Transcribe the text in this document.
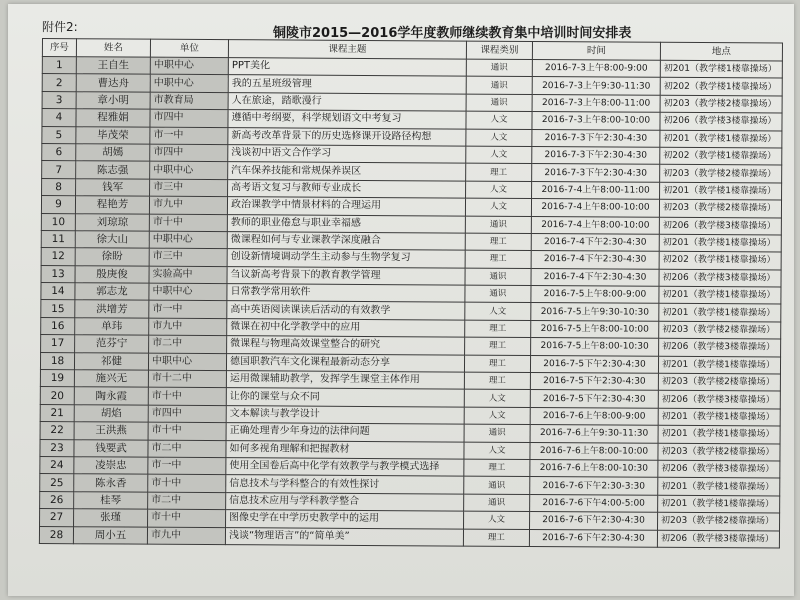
附件2:	铜陵市2015—2016学年度教师继续教育集中培训时间安排表
序号	姓名	单位	课程主题	课程类别	时间	地点
1	王自生	中职中心	PPT美化	通识	2016-7-3上午8:00-9:00	初201（教学楼1楼靠操场）
2	曹达舟	中职中心	我的五星班级管理	通识	2016-7-3上午9:30-11:30	初202（教学楼1楼靠操场）
3	章小明	市教育局	人在旅途，踏歌漫行	通识	2016-7-3上午8:00-11:00	初203（教学楼2楼靠操场）
4	程雅娟	市四中	遵循中考纲要，科学规划语文中考复习	人文	2016-7-3上午8:00-10:00	初206（教学楼3楼靠操场）
5	毕茂荣	市一中	新高考改革背景下的历史选修课开设路径构想	人文	2016-7-3下午2:30-4:30	初201（教学楼1楼靠操场）
6	胡嫣	市四中	浅谈初中语文合作学习	人文	2016-7-3下午2:30-4:30	初202（教学楼1楼靠操场）
7	陈志强	中职中心	汽车保养技能和常规保养误区	理工	2016-7-3下午2:30-4:30	初203（教学楼2楼靠操场）
8	钱军	市三中	高考语文复习与教师专业成长	人文	2016-7-4上午8:00-11:00	初201（教学楼1楼靠操场）
9	程艳芳	市九中	政治课教学中情景材料的合理运用	人文	2016-7-4上午8:00-10:00	初203（教学楼2楼靠操场）
10	刘琼琼	市十中	教师的职业倦怠与职业幸福感	通识	2016-7-4上午8:00-10:00	初206（教学楼3楼靠操场）
11	徐大山	中职中心	微课程如何与专业课教学深度融合	理工	2016-7-4下午2:30-4:30	初201（教学楼1楼靠操场）
12	徐盼	市三中	创设新情境调动学生主动参与生物学复习	理工	2016-7-4下午2:30-4:30	初202（教学楼1楼靠操场）
13	殷庚俊	实验高中	刍议新高考背景下的教育教学管理	通识	2016-7-4下午2:30-4:30	初206（教学楼3楼靠操场）
14	郭志龙	中职中心	日常教学常用软件	通识	2016-7-5上午8:00-9:00	初201（教学楼1楼靠操场）
15	洪增芳	市一中	高中英语阅读课读后活动的有效教学	人文	2016-7-5上午9:30-10:30	初201（教学楼1楼靠操场）
16	单玮	市九中	微课在初中化学教学中的应用	理工	2016-7-5上午8:00-10:00	初203（教学楼2楼靠操场）
17	范芬宁	市二中	微课程与物理高效课堂整合的研究	理工	2016-7-5上午8:00-10:30	初206（教学楼3楼靠操场）
18	祁健	中职中心	德国职教汽车文化课程最新动态分享	理工	2016-7-5下午2:30-4:30	初201（教学楼1楼靠操场）
19	施兴无	市十二中	运用微课辅助教学，发挥学生课堂主体作用	理工	2016-7-5下午2:30-4:30	初203（教学楼2楼靠操场）
20	陶永霞	市十中	让你的课堂与众不同	人文	2016-7-5下午2:30-4:30	初206（教学楼3楼靠操场）
21	胡焰	市四中	文本解读与教学设计	人文	2016-7-6上午8:00-9:00	初201（教学楼1楼靠操场）
22	王洪燕	市十中	正确处理青少年身边的法律问题	通识	2016-7-6上午9:30-11:30	初201（教学楼1楼靠操场）
23	钱要武	市二中	如何多视角理解和把握教材	人文	2016-7-6上午8:00-10:00	初203（教学楼2楼靠操场）
24	凌崇忠	市一中	使用全国卷后高中化学有效教学与教学模式选择	理工	2016-7-6上午8:00-10:30	初206（教学楼3楼靠操场）
25	陈永香	市十中	信息技术与学科整合的有效性探讨	通识	2016-7-6下午2:30-3:30	初201（教学楼1楼靠操场）
26	桂琴	市二中	信息技术应用与学科教学整合	通识	2016-7-6下午4:00-5:00	初201（教学楼1楼靠操场）
27	张瑾	市十中	图像史学在中学历史教学中的运用	人文	2016-7-6下午2:30-4:30	初203（教学楼2楼靠操场）
28	周小五	市九中	浅谈“物理语言”的“简单美”	理工	2016-7-6下午2:30-4:30	初206（教学楼3楼靠操场）
